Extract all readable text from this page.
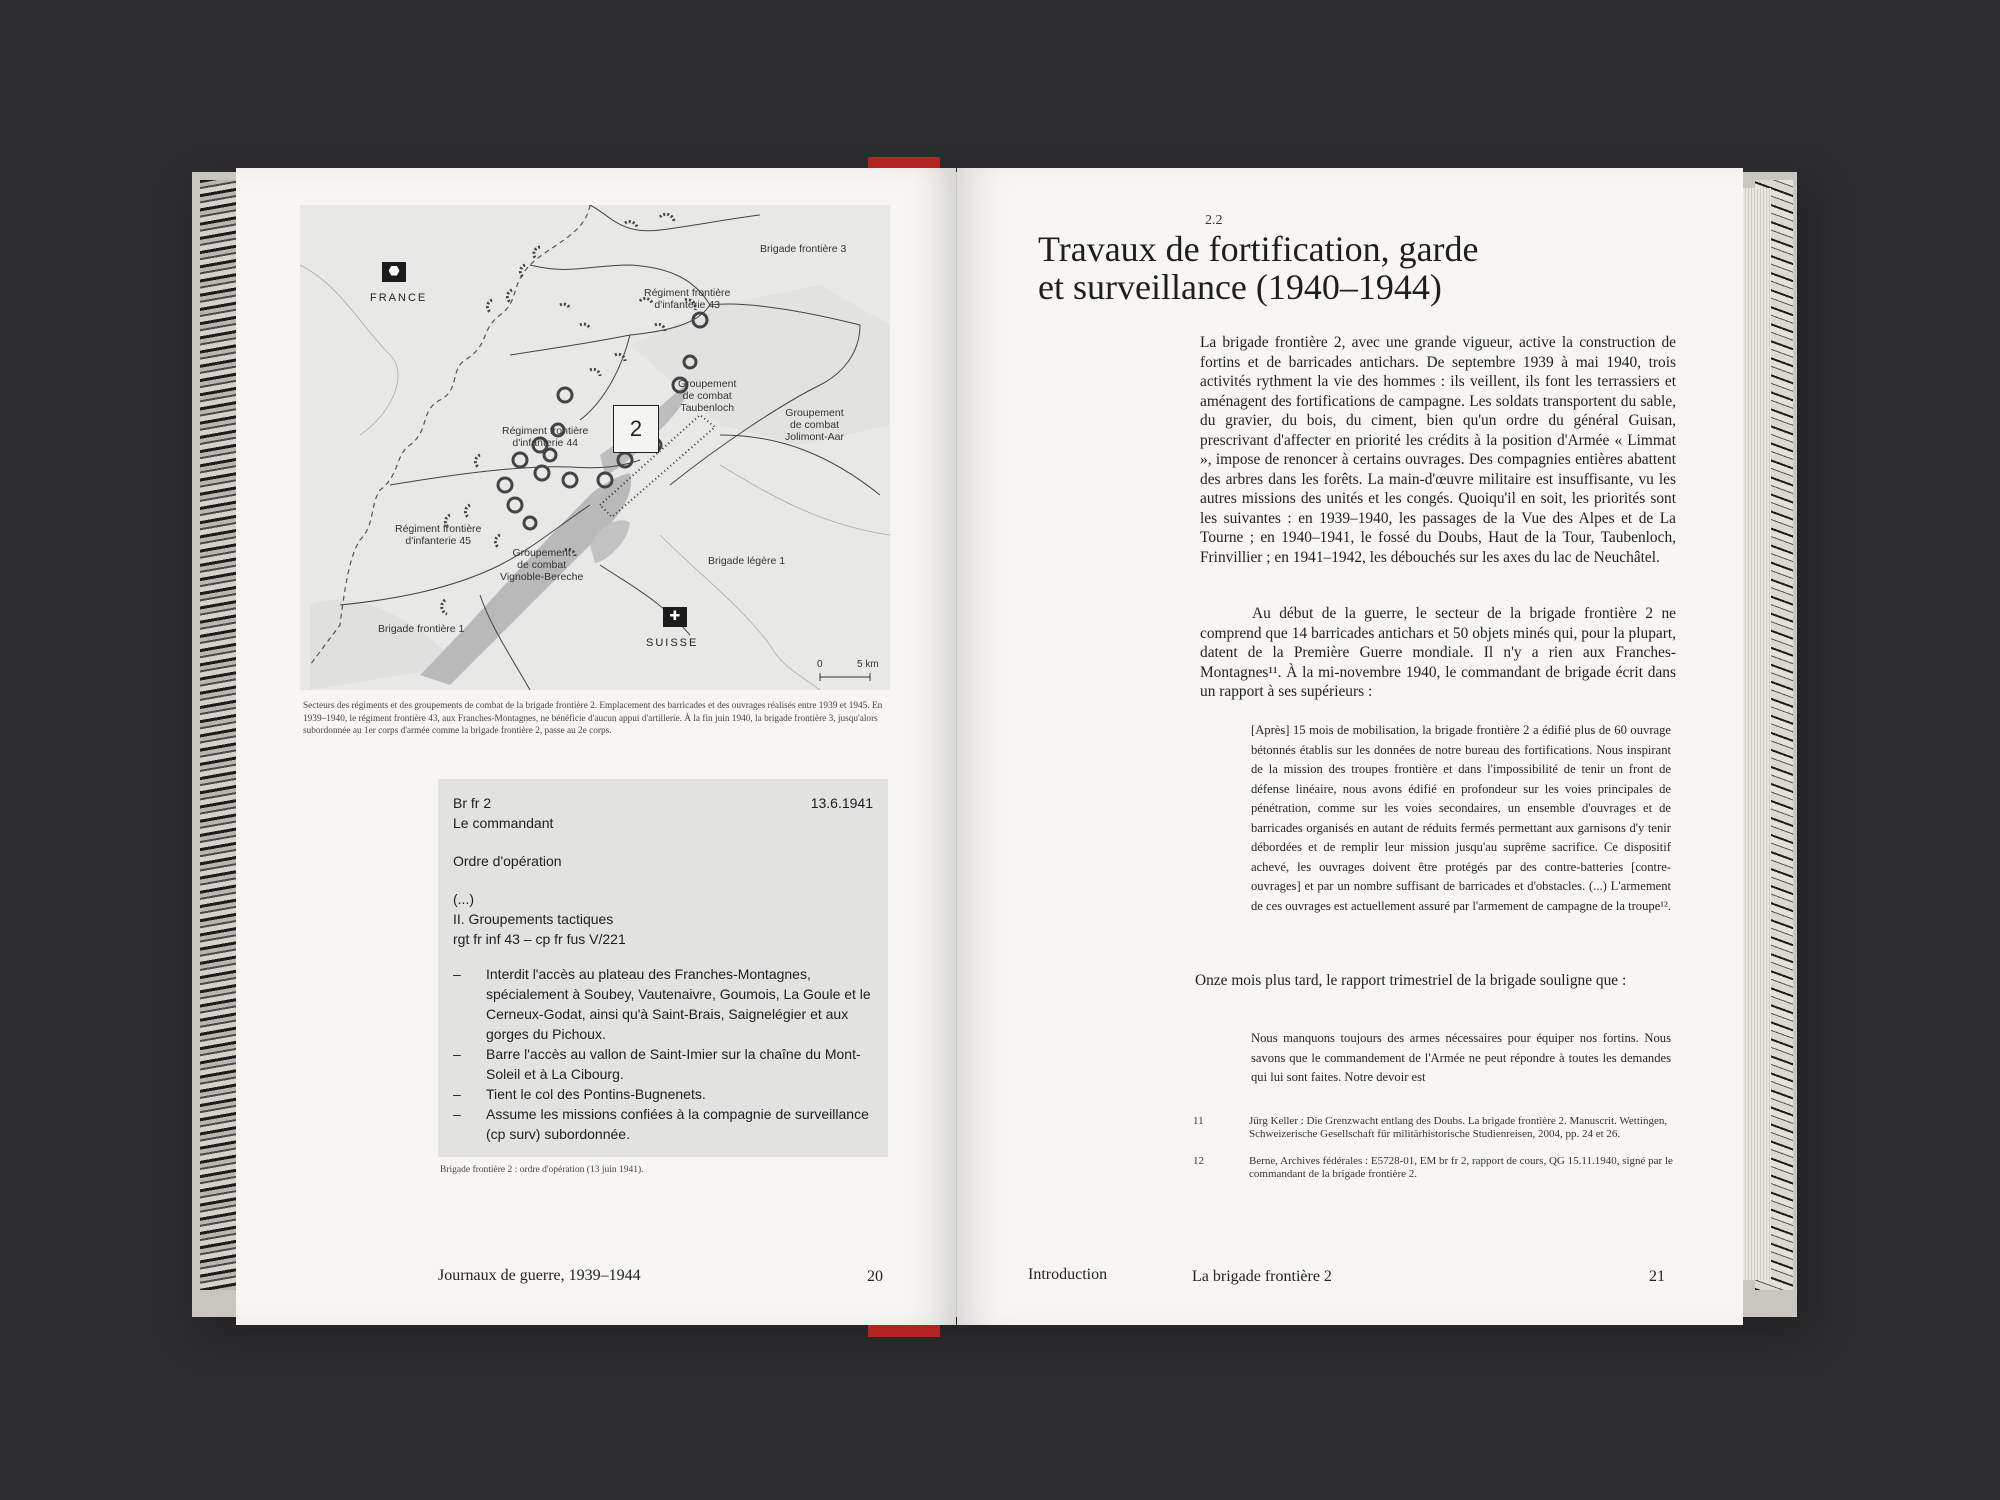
⬣
FRANCE
✚
SUISSE
2
Brigade frontière 3
Régiment frontière
d'infanterie 43
Groupement
de combat
Taubenloch	Groupement
de combat
Jolimont-Aar
Régiment frontière
d'infanterie 44
Régiment frontière
d'infanterie 45
Groupement
de combat
Vignoble-Bereche
Brigade légère 1
Brigade frontière 1
0	5 km
Secteurs des régiments et des groupements de combat de la brigade frontière 2. Emplacement des barricades et des ouvrages réalisés entre 1939 et 1945. En 1939–1940, le régiment frontière 43, aux Franches-Montagnes, ne bénéficie d'aucun appui d'artillerie. À la fin juin 1940, la brigade frontière 3, jusqu'alors subordonnée au 1er corps d'armée comme la brigade frontière 2, passe au 2e corps.
Br fr 2	13.6.1941
Le commandant
Ordre d'opération
(...)
II. Groupements tactiques
rgt fr inf 43 – cp fr fus V/221
– Interdit l'accès au plateau des Franches-Montagnes, spécialement à Soubey, Vautenaivre, Goumois, La Goule et le Cerneux-Godat, ainsi qu'à Saint-Brais, Saignelégier et aux gorges du Pichoux.
– Barre l'accès au vallon de Saint-Imier sur la chaîne du Mont-Soleil et à La Cibourg.
– Tient le col des Pontins-Bugnenets.
– Assume les missions confiées à la compagnie de surveillance (cp surv) subordonnée.
Brigade frontière 2 : ordre d'opération (13 juin 1941).
Journaux de guerre, 1939–1944	20
2.2
Travaux de fortification, garde
et surveillance (1940–1944)

La brigade frontière 2, avec une grande vigueur, active la construction de fortins et de barricades antichars. De septembre 1939 à mai 1940, trois activités rythment la vie des hommes : ils veillent, ils font les terrassiers et aménagent des fortifications de campagne. Les soldats transportent du sable, du gravier, du bois, du ciment, bien qu'un ordre du général Guisan, prescrivant d'affecter en priorité les crédits à la position d'Armée « Limmat », impose de renoncer à certains ouvrages. Des compagnies entières abattent des arbres dans les forêts. La main-d'œuvre militaire est insuffisante, vu les autres missions des unités et les congés. Quoiqu'il en soit, les priorités sont les suivantes : en 1939–1940, les passages de la Vue des Alpes et de La Tourne ; en 1940–1941, le fossé du Doubs, Haut de la Tour, Taubenloch, Frinvillier ; en 1941–1942, les débouchés sur les axes du lac de Neuchâtel.

Au début de la guerre, le secteur de la brigade frontière 2 ne comprend que 14 barricades antichars et 50 objets minés qui, pour la plupart, datent de la Première Guerre mondiale. Il n'y a rien aux Franches-Montagnes¹¹. À la mi-novembre 1940, le commandant de brigade écrit dans un rapport à ses supérieurs :

[Après] 15 mois de mobilisation, la brigade frontière 2 a édifié plus de 60 ouvrage bétonnés établis sur les données de notre bureau des fortifications. Nous inspirant de la mission des troupes frontière et dans l'impossibilité de tenir un front de défense linéaire, nous avons édifié en profondeur sur les voies principales de pénétration, comme sur les voies secondaires, un ensemble d'ouvrages et de barricades organisés en autant de réduits fermés permettant aux garnisons d'y tenir débordées et de remplir leur mission jusqu'au suprême sacrifice. Ce dispositif achevé, les ouvrages doivent être protégés par des contre-batteries [contre-ouvrages] et par un nombre suffisant de barricades et d'obstacles. (...) L'armement de ces ouvrages est actuellement assuré par l'armement de campagne de la troupe¹².

Onze mois plus tard, le rapport trimestriel de la brigade souligne que :

Nous manquons toujours des armes nécessaires pour équiper nos fortins. Nous savons que le commandement de l'Armée ne peut répondre à toutes les demandes qui lui sont faites. Notre devoir est

11	Jürg Keller : Die Grenzwacht entlang des Doubs. La brigade frontière 2. Manuscrit. Wettingen, Schweizerische Gesellschaft für militärhistorische Studienreisen, 2004, pp. 24 et 26.
12	Berne, Archives fédérales : E5728-01, EM br fr 2, rapport de cours, QG 15.11.1940, signé par le commandant de la brigade frontière 2.
Introduction	La brigade frontière 2	21
